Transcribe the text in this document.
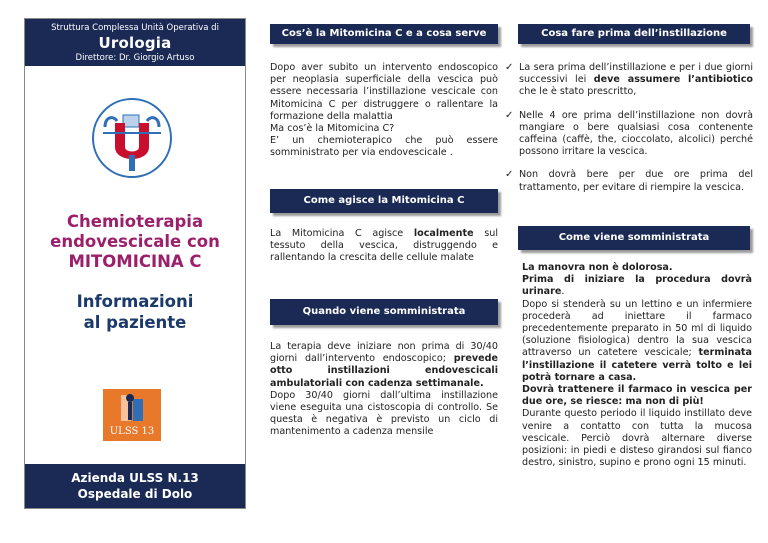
Struttura Complessa Unità Operativa di
Urologia
Direttore: Dr. Giorgio Artuso
Chemioterapia
endovescicale con
MITOMICINA C
Informazioni
al paziente
ULSS 13
Azienda ULSS N.13
Ospedale di Dolo
Cos’è la Mitomicina C e a cosa serve
Dopo aver subito un intervento endoscopico per neoplasia superficiale della vescica può essere necessaria l’instillazione vescicale con Mitomicina C per distruggere o rallentare la formazione della malattia
Ma cos’è la Mitomicina C?
E’ un chemioterapico che può essere somministrato per via endovescicale .
Come agisce la Mitomicina C
La Mitomicina C agisce localmente sul tessuto della vescica, distruggendo e rallentando la crescita delle cellule malate
Quando viene somministrata
La terapia deve iniziare non prima di 30/40 giorni dall’intervento endoscopico; prevede otto instillazioni endovescicali ambulatoriali con cadenza settimanale.
Dopo 30/40 giorni dall’ultima instillazione viene eseguita una cistoscopia di controllo. Se questa è negativa è previsto un ciclo di mantenimento a cadenza mensile
Cosa fare prima dell’instillazione
✓ La sera prima dell’instillazione e per i due giorni successivi lei deve assumere l’antibiotico che le è stato prescritto,
✓ Nelle 4 ore prima dell’instillazione non dovrà mangiare o bere qualsiasi cosa contenente caffeina (caffè, the, cioccolato, alcolici) perché possono irritare la vescica.
✓ Non dovrà bere per due ore prima del trattamento, per evitare di riempire la vescica.
Come viene somministrata
La manovra non è dolorosa.
Prima di iniziare la procedura dovrà urinare.
Dopo si stenderà su un lettino e un infermiere procederà ad iniettare il farmaco precedentemente preparato in 50 ml di liquido (soluzione fisiologica) dentro la sua vescica attraverso un catetere vescicale; terminata l’instillazione il catetere verrà tolto e lei potrà tornare a casa.
Dovrà trattenere il farmaco in vescica per due ore, se riesce: ma non di più!
Durante questo periodo il liquido instillato deve venire a contatto con tutta la mucosa vescicale. Perciò dovrà alternare diverse posizioni: in piedi e disteso girandosi sul fianco destro, sinistro, supino e prono ogni 15 minuti.
